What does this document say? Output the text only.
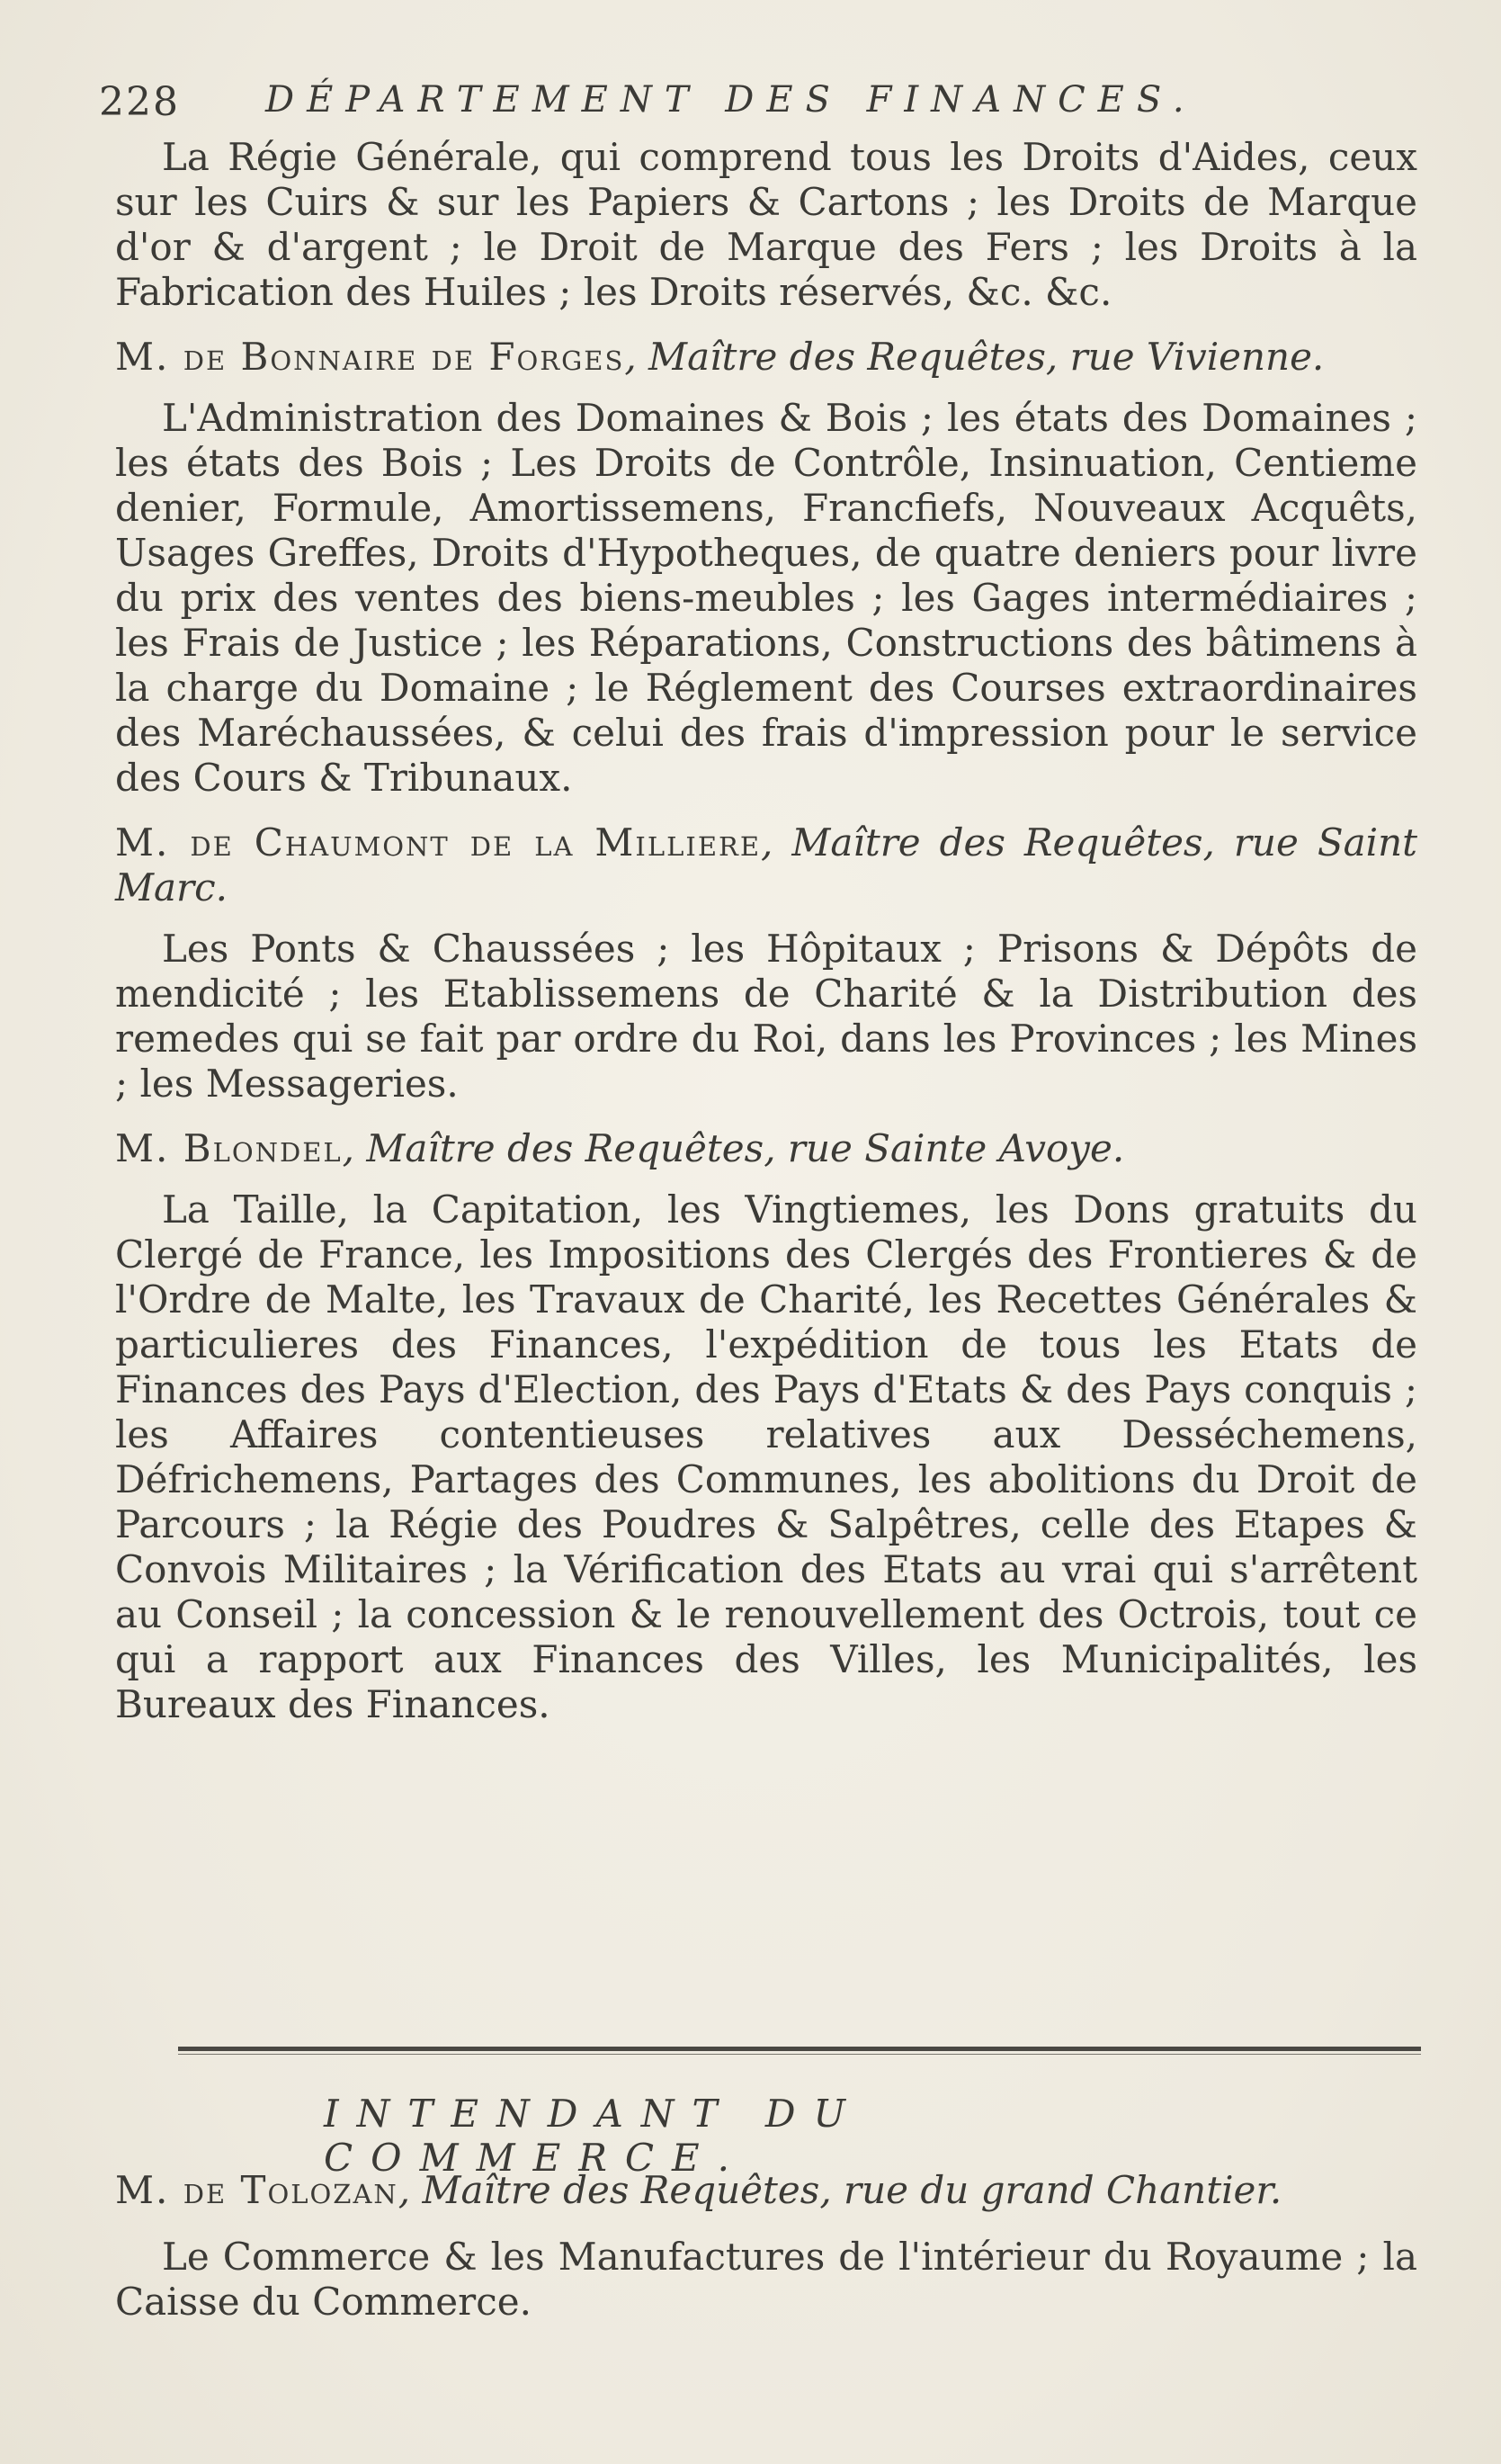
228 DÉPARTEMENT DES FINANCES.

La Régie Générale, qui comprend tous les Droits d'Aides, ceux sur les Cuirs & sur les Papiers & Cartons ; les Droits de Marque d'or & d'argent ; le Droit de Marque des Fers ; les Droits à la Fabrication des Huiles ; les Droits réservés, &c. &c.

M. de Bonnaire de Forges, Maître des Requêtes, rue Vivienne.

L'Administration des Domaines & Bois ; les états des Domaines ; les états des Bois ; Les Droits de Contrôle, Insinuation, Centieme denier, Formule, Amortissemens, Francfiefs, Nouveaux Acquêts, Usages Greffes, Droits d'Hypotheques, de quatre deniers pour livre du prix des ventes des biens-meubles ; les Gages intermédiaires ; les Frais de Justice ; les Réparations, Constructions des bâtimens à la charge du Domaine ; le Réglement des Courses extraordinaires des Maréchaussées, & celui des frais d'impression pour le service des Cours & Tribunaux.

M. de Chaumont de la Milliere, Maître des Requêtes, rue Saint Marc.

Les Ponts & Chaussées ; les Hôpitaux ; Prisons & Dépôts de mendicité ; les Etablissemens de Charité & la Distribution des remedes qui se fait par ordre du Roi, dans les Provinces ; les Mines ; les Messageries.

M. Blondel, Maître des Requêtes, rue Sainte Avoye.

La Taille, la Capitation, les Vingtiemes, les Dons gratuits du Clergé de France, les Impositions des Clergés des Frontieres & de l'Ordre de Malte, les Travaux de Charité, les Recettes Générales & particulieres des Finances, l'expédition de tous les Etats de Finances des Pays d'Election, des Pays d'Etats & des Pays conquis ; les Affaires contentieuses relatives aux Desséchemens, Défrichemens, Partages des Communes, les abolitions du Droit de Parcours ; la Régie des Poudres & Salpêtres, celle des Etapes & Convois Militaires ; la Vérification des Etats au vrai qui s'arrêtent au Conseil ; la concession & le renouvellement des Octrois, tout ce qui a rapport aux Finances des Villes, les Municipalités, les Bureaux des Finances.

INTENDANT DU COMMERCE.

M. de Tolozan, Maître des Requêtes, rue du grand Chantier.

Le Commerce & les Manufactures de l'intérieur du Royaume ; la Caisse du Commerce.
